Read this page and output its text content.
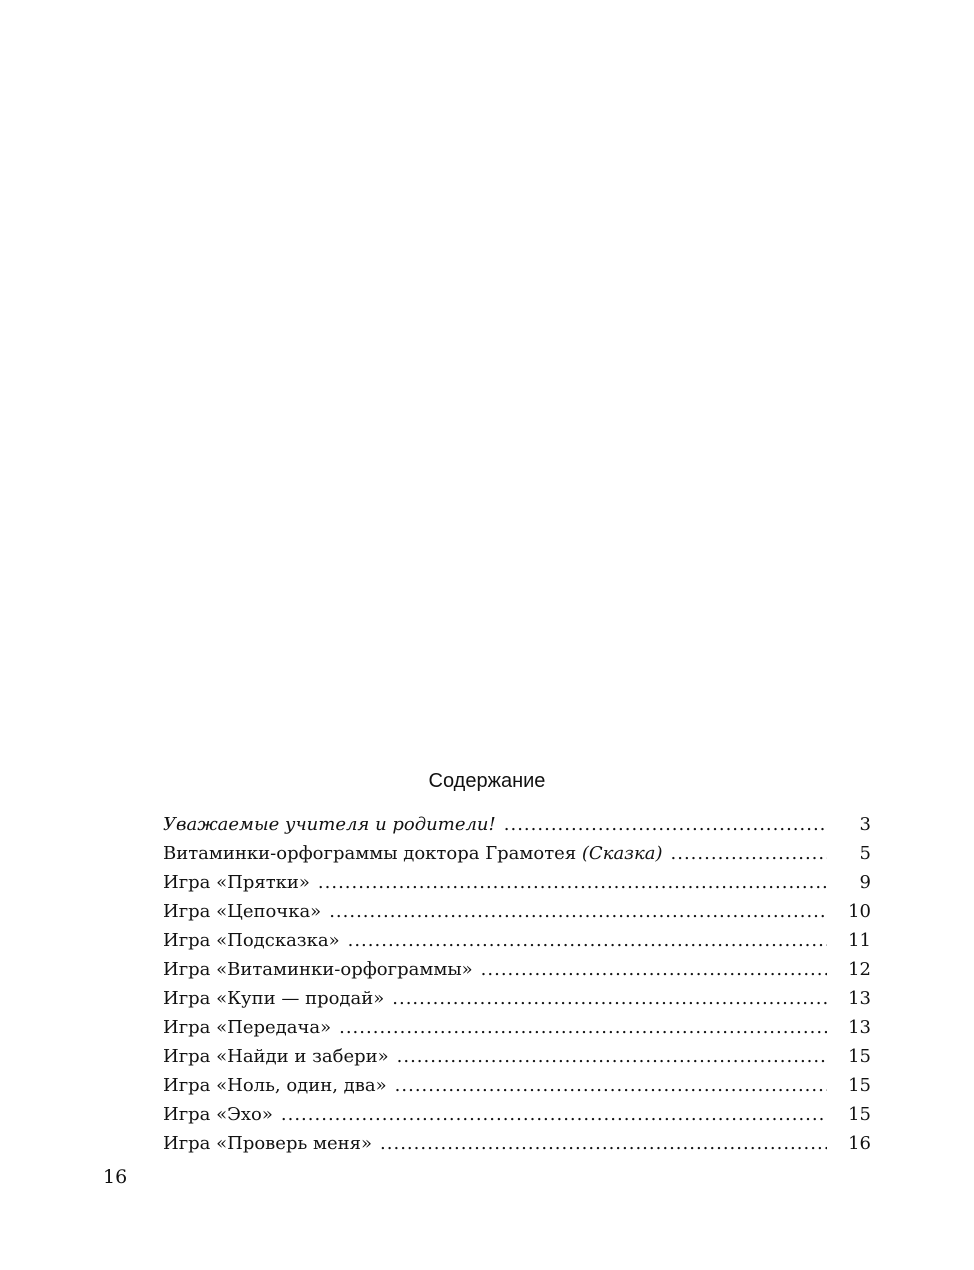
Содержание
Уважаемые учителя и родители! .....	3
Витаминки-орфограммы доктора Грамотея (Сказка) .....	5
Игра «Прятки» .....	9
Игра «Цепочка» .....	10
Игра «Подсказка» .....	11
Игра «Витаминки-орфограммы» .....	12
Игра «Купи — продай» .....	13
Игра «Передача» .....	13
Игра «Найди и забери» .....	15
Игра «Ноль, один, два» .....	15
Игра «Эхо» .....	15
Игра «Проверь меня» .....	16
16
